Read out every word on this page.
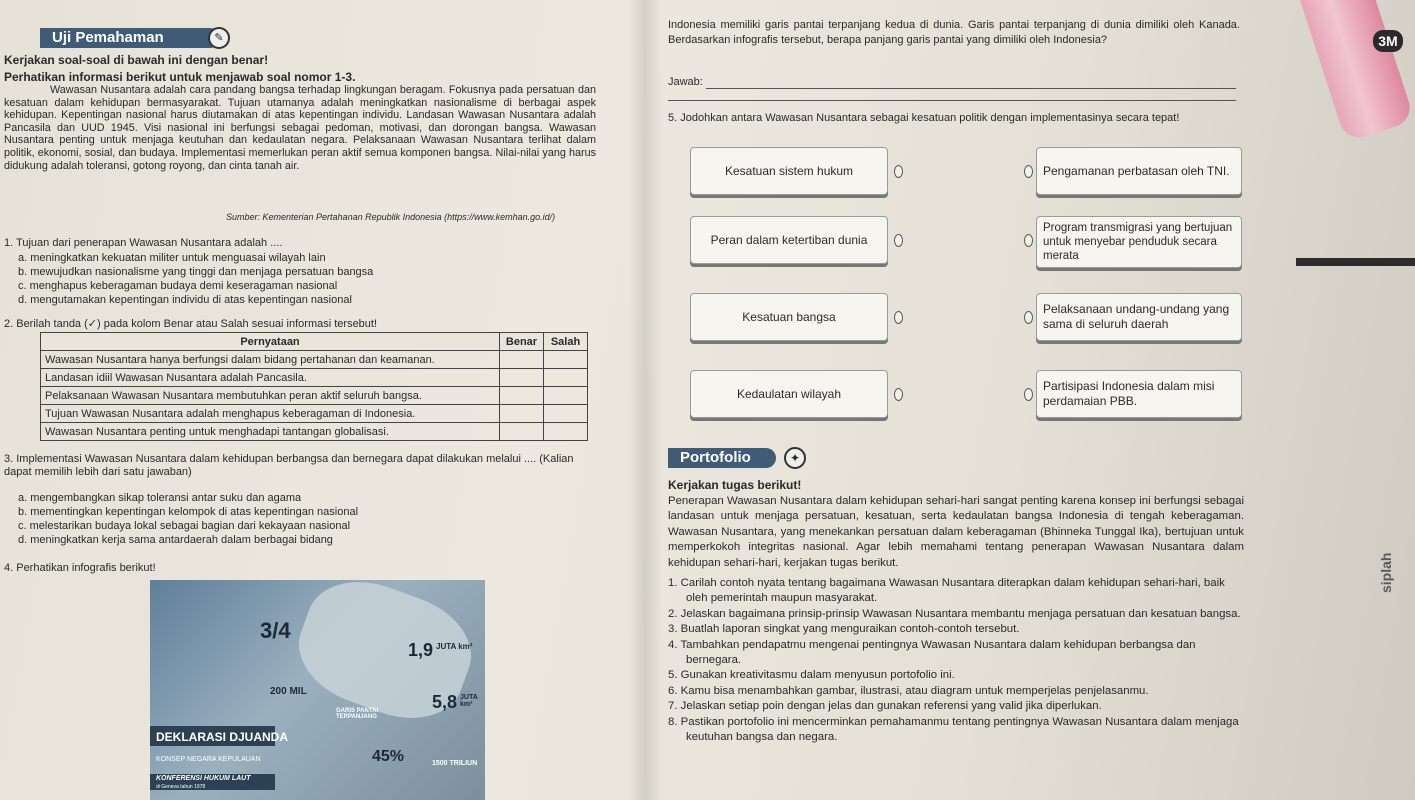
Uji Pemahaman	✎
Kerjakan soal-soal di bawah ini dengan benar!
Perhatikan informasi berikut untuk menjawab soal nomor 1-3.
Wawasan Nusantara adalah cara pandang bangsa terhadap lingkungan beragam. Fokusnya pada persatuan dan kesatuan dalam kehidupan bermasyarakat. Tujuan utamanya adalah meningkatkan nasionalisme di berbagai aspek kehidupan. Kepentingan nasional harus diutamakan di atas kepentingan individu. Landasan Wawasan Nusantara adalah Pancasila dan UUD 1945. Visi nasional ini berfungsi sebagai pedoman, motivasi, dan dorongan bangsa. Wawasan Nusantara penting untuk menjaga keutuhan dan kedaulatan negara. Pelaksanaan Wawasan Nusantara terlihat dalam politik, ekonomi, sosial, dan budaya. Implementasi memerlukan peran aktif semua komponen bangsa. Nilai-nilai yang harus didukung adalah toleransi, gotong royong, dan cinta tanah air.
Sumber: Kementerian Pertahanan Republik Indonesia (https://www.kemhan.go.id/)
1. Tujuan dari penerapan Wawasan Nusantara adalah ....
a. meningkatkan kekuatan militer untuk menguasai wilayah lain
b. mewujudkan nasionalisme yang tinggi dan menjaga persatuan bangsa
c. menghapus keberagaman budaya demi keseragaman nasional
d. mengutamakan kepentingan individu di atas kepentingan nasional
2. Berilah tanda (✓) pada kolom Benar atau Salah sesuai informasi tersebut!
Pernyataan	Benar	Salah
Wawasan Nusantara hanya berfungsi dalam bidang pertahanan dan keamanan.		
Landasan idiil Wawasan Nusantara adalah Pancasila.		
Pelaksanaan Wawasan Nusantara membutuhkan peran aktif seluruh bangsa.		
Tujuan Wawasan Nusantara adalah menghapus keberagaman di Indonesia.		
Wawasan Nusantara penting untuk menghadapi tantangan globalisasi.		
3. Implementasi Wawasan Nusantara dalam kehidupan berbangsa dan bernegara dapat dilakukan melalui .... (Kalian dapat memilih lebih dari satu jawaban)
a. mengembangkan sikap toleransi antar suku dan agama
b. mementingkan kepentingan kelompok di atas kepentingan nasional
c. melestarikan budaya lokal sebagai bagian dari kekayaan nasional
d. meningkatkan kerja sama antardaerah dalam berbagai bidang
4. Perhatikan infografis berikut!
3/4
1,9 JUTA km²
200 MIL
5,8 JUTA km²
GARIS PANTAI TERPANJANG
DEKLARASI DJUANDA
KONSEP NEGARA KEPULAUAN	45%	1500 TRILIUN
KONFERENSI HUKUM LAUT
di Geneva tahun 1978
Indonesia memiliki garis pantai terpanjang kedua di dunia. Garis pantai terpanjang di dunia dimiliki oleh Kanada. Berdasarkan infografis tersebut, berapa panjang garis pantai yang dimiliki oleh Indonesia?
Jawab:
5. Jodohkan antara Wawasan Nusantara sebagai kesatuan politik dengan implementasinya secara tepat!
Kesatuan sistem hukum
Peran dalam ketertiban dunia
Kesatuan bangsa
Kedaulatan wilayah
Pengamanan perbatasan oleh TNI.
Program transmigrasi yang bertujuan untuk menyebar penduduk secara merata
Pelaksanaan undang-undang yang sama di seluruh daerah
Partisipasi Indonesia dalam misi perdamaian PBB.
Portofolio	✦
Kerjakan tugas berikut!
Penerapan Wawasan Nusantara dalam kehidupan sehari-hari sangat penting karena konsep ini berfungsi sebagai landasan untuk menjaga persatuan, kesatuan, serta kedaulatan bangsa Indonesia di tengah keberagaman. Wawasan Nusantara, yang menekankan persatuan dalam keberagaman (Bhinneka Tunggal Ika), bertujuan untuk memperkokoh integritas nasional. Agar lebih memahami tentang penerapan Wawasan Nusantara dalam kehidupan sehari-hari, kerjakan tugas berikut.
1. Carilah contoh nyata tentang bagaimana Wawasan Nusantara diterapkan dalam kehidupan sehari-hari, baik oleh pemerintah maupun masyarakat.
2. Jelaskan bagaimana prinsip-prinsip Wawasan Nusantara membantu menjaga persatuan dan kesatuan bangsa.
3. Buatlah laporan singkat yang menguraikan contoh-contoh tersebut.
4. Tambahkan pendapatmu mengenai pentingnya Wawasan Nusantara dalam kehidupan berbangsa dan bernegara.
5. Gunakan kreativitasmu dalam menyusun portofolio ini.
6. Kamu bisa menambahkan gambar, ilustrasi, atau diagram untuk memperjelas penjelasanmu.
7. Jelaskan setiap poin dengan jelas dan gunakan referensi yang valid jika diperlukan.
8. Pastikan portofolio ini mencerminkan pemahamanmu tentang pentingnya Wawasan Nusantara dalam menjaga keutuhan bangsa dan negara.
3M
siplah
